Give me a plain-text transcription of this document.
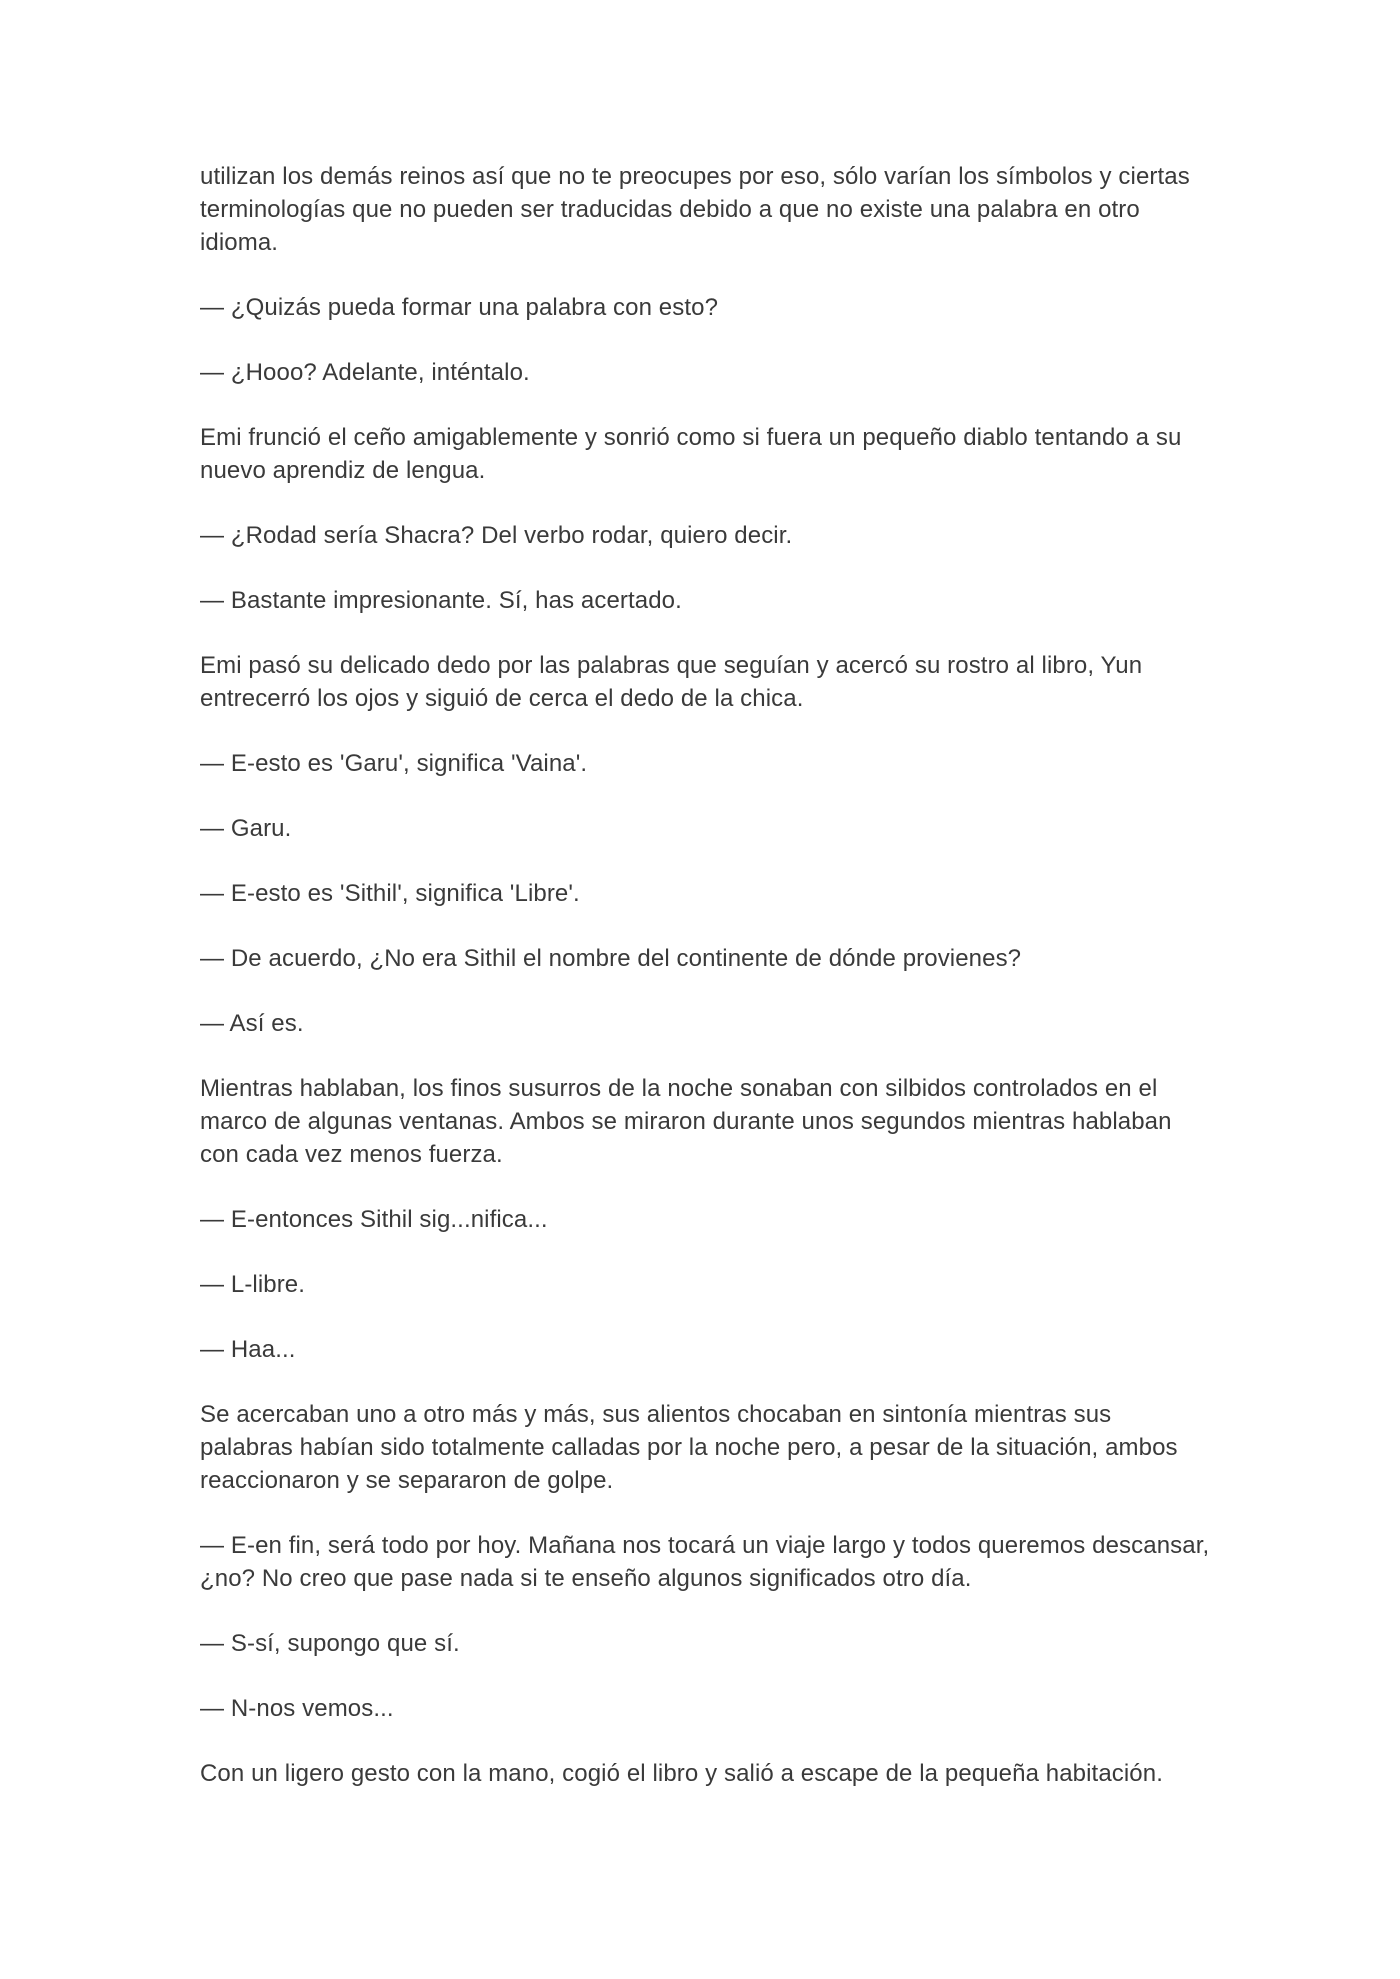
utilizan los demás reinos así que no te preocupes por eso, sólo varían los símbolos y ciertas terminologías que no pueden ser traducidas debido a que no existe una palabra en otro idioma.

— ¿Quizás pueda formar una palabra con esto?

— ¿Hooo? Adelante, inténtalo.

Emi frunció el ceño amigablemente y sonrió como si fuera un pequeño diablo tentando a su nuevo aprendiz de lengua.

— ¿Rodad sería Shacra? Del verbo rodar, quiero decir.

— Bastante impresionante. Sí, has acertado.

Emi pasó su delicado dedo por las palabras que seguían y acercó su rostro al libro, Yun entrecerró los ojos y siguió de cerca el dedo de la chica.

— E-esto es 'Garu', significa 'Vaina'.

— Garu.

— E-esto es 'Sithil', significa 'Libre'.

— De acuerdo, ¿No era Sithil el nombre del continente de dónde provienes?

— Así es.

Mientras hablaban, los finos susurros de la noche sonaban con silbidos controlados en el marco de algunas ventanas. Ambos se miraron durante unos segundos mientras hablaban con cada vez menos fuerza.

— E-entonces Sithil sig...nifica...

— L-libre.

— Haa...

Se acercaban uno a otro más y más, sus alientos chocaban en sintonía mientras sus palabras habían sido totalmente calladas por la noche pero, a pesar de la situación, ambos reaccionaron y se separaron de golpe.

— E-en fin, será todo por hoy. Mañana nos tocará un viaje largo y todos queremos descansar, ¿no? No creo que pase nada si te enseño algunos significados otro día.

— S-sí, supongo que sí.

— N-nos vemos...

Con un ligero gesto con la mano, cogió el libro y salió a escape de la pequeña habitación.
